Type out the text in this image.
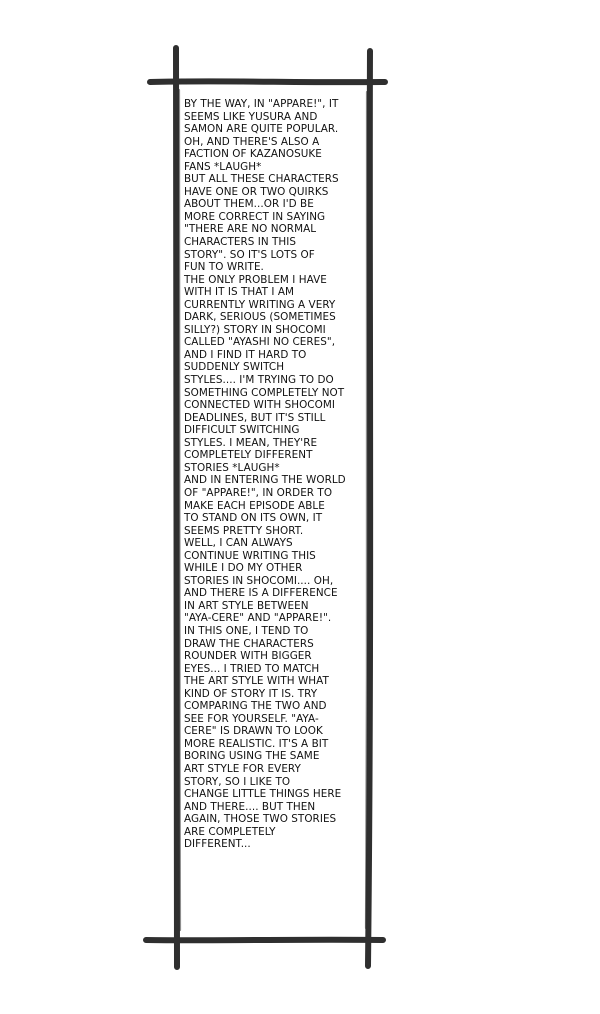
BY THE WAY, IN "APPARE!", IT
SEEMS LIKE YUSURA AND
SAMON ARE QUITE POPULAR.
OH, AND THERE'S ALSO A
FACTION OF KAZANOSUKE
FANS *LAUGH*
BUT ALL THESE CHARACTERS
HAVE ONE OR TWO QUIRKS
ABOUT THEM...OR I'D BE
MORE CORRECT IN SAYING
"THERE ARE NO NORMAL
CHARACTERS IN THIS
STORY". SO IT'S LOTS OF
FUN TO WRITE.
THE ONLY PROBLEM I HAVE
WITH IT IS THAT I AM
CURRENTLY WRITING A VERY
DARK, SERIOUS (SOMETIMES
SILLY?) STORY IN SHOCOMI
CALLED "AYASHI NO CERES",
AND I FIND IT HARD TO
SUDDENLY SWITCH
STYLES.... I'M TRYING TO DO
SOMETHING COMPLETELY NOT
CONNECTED WITH SHOCOMI
DEADLINES, BUT IT'S STILL
DIFFICULT SWITCHING
STYLES. I MEAN, THEY'RE
COMPLETELY DIFFERENT
STORIES *LAUGH*
AND IN ENTERING THE WORLD
OF "APPARE!", IN ORDER TO
MAKE EACH EPISODE ABLE
TO STAND ON ITS OWN, IT
SEEMS PRETTY SHORT.
WELL, I CAN ALWAYS
CONTINUE WRITING THIS
WHILE I DO MY OTHER
STORIES IN SHOCOMI.... OH,
AND THERE IS A DIFFERENCE
IN ART STYLE BETWEEN
"AYA-CERE" AND "APPARE!".
IN THIS ONE, I TEND TO
DRAW THE CHARACTERS
ROUNDER WITH BIGGER
EYES... I TRIED TO MATCH
THE ART STYLE WITH WHAT
KIND OF STORY IT IS. TRY
COMPARING THE TWO AND
SEE FOR YOURSELF. "AYA-
CERE" IS DRAWN TO LOOK
MORE REALISTIC. IT'S A BIT
BORING USING THE SAME
ART STYLE FOR EVERY
STORY, SO I LIKE TO
CHANGE LITTLE THINGS HERE
AND THERE.... BUT THEN
AGAIN, THOSE TWO STORIES
ARE COMPLETELY
DIFFERENT...
